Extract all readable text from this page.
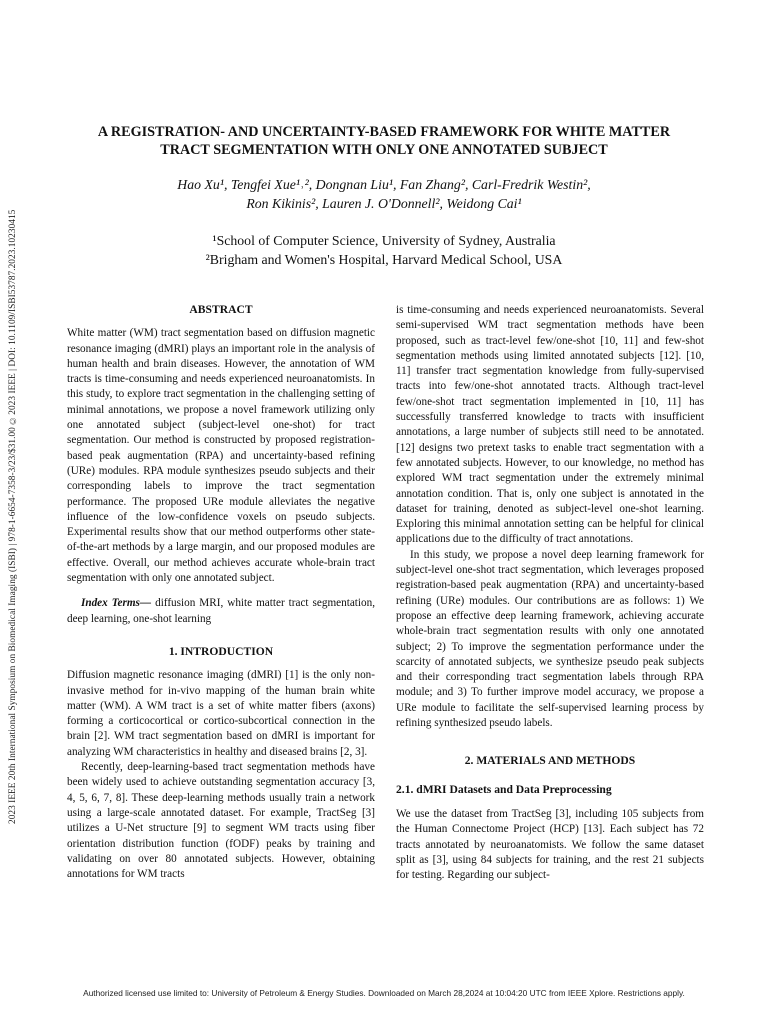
2023 IEEE 20th International Symposium on Biomedical Imaging (ISBI) | 978-1-6654-7358-3/23/$31.00 ©2023 IEEE | DOI: 10.1109/ISBI53787.2023.10230415
A REGISTRATION- AND UNCERTAINTY-BASED FRAMEWORK FOR WHITE MATTER
TRACT SEGMENTATION WITH ONLY ONE ANNOTATED SUBJECT
Hao Xu¹, Tengfei Xue¹˒², Dongnan Liu¹, Fan Zhang², Carl-Fredrik Westin²,
Ron Kikinis², Lauren J. O'Donnell², Weidong Cai¹
¹School of Computer Science, University of Sydney, Australia
²Brigham and Women's Hospital, Harvard Medical School, USA
ABSTRACT

White matter (WM) tract segmentation based on diffusion magnetic resonance imaging (dMRI) plays an important role in the analysis of human health and brain diseases. However, the annotation of WM tracts is time-consuming and needs experienced neuroanatomists. In this study, to explore tract segmentation in the challenging setting of minimal annotations, we propose a novel framework utilizing only one annotated subject (subject-level one-shot) for tract segmentation. Our method is constructed by proposed registration-based peak augmentation (RPA) and uncertainty-based refining (URe) modules. RPA module synthesizes pseudo subjects and their corresponding labels to improve the tract segmentation performance. The proposed URe module alleviates the negative influence of the low-confidence voxels on pseudo subjects. Experimental results show that our method outperforms other state-of-the-art methods by a large margin, and our proposed modules are effective. Overall, our method achieves accurate whole-brain tract segmentation with only one annotated subject.

Index Terms— diffusion MRI, white matter tract segmentation, deep learning, one-shot learning

1. INTRODUCTION

Diffusion magnetic resonance imaging (dMRI) [1] is the only non-invasive method for in-vivo mapping of the human brain white matter (WM). A WM tract is a set of white matter fibers (axons) forming a corticocortical or cortico-subcortical connection in the brain [2]. WM tract segmentation based on dMRI is important for analyzing WM characteristics in healthy and diseased brains [2, 3].

Recently, deep-learning-based tract segmentation methods have been widely used to achieve outstanding segmentation accuracy [3, 4, 5, 6, 7, 8]. These deep-learning methods usually train a network using a large-scale annotated dataset. For example, TractSeg [3] utilizes a U-Net structure [9] to segment WM tracts using fiber orientation distribution function (fODF) peaks by training and validating on over 80 annotated subjects. However, obtaining annotations for WM tracts

is time-consuming and needs experienced neuroanatomists. Several semi-supervised WM tract segmentation methods have been proposed, such as tract-level few/one-shot [10, 11] and few-shot segmentation methods using limited annotated subjects [12]. [10, 11] transfer tract segmentation knowledge from fully-supervised tracts into few/one-shot annotated tracts. Although tract-level few/one-shot tract segmentation implemented in [10, 11] has successfully transferred knowledge to tracts with insufficient annotations, a large number of subjects still need to be annotated. [12] designs two pretext tasks to enable tract segmentation with a few annotated subjects. However, to our knowledge, no method has explored WM tract segmentation under the extremely minimal annotation condition. That is, only one subject is annotated in the dataset for training, denoted as subject-level one-shot learning. Exploring this minimal annotation setting can be helpful for clinical applications due to the difficulty of tract annotations.

In this study, we propose a novel deep learning framework for subject-level one-shot tract segmentation, which leverages proposed registration-based peak augmentation (RPA) and uncertainty-based refining (URe) modules. Our contributions are as follows: 1) We propose an effective deep learning framework, achieving accurate whole-brain tract segmentation results with only one annotated subject; 2) To improve the segmentation performance under the scarcity of annotated subjects, we synthesize pseudo peak subjects and their corresponding tract segmentation labels through RPA module; and 3) To further improve model accuracy, we propose a URe module to facilitate the self-supervised learning process by refining synthesized pseudo labels.

2. MATERIALS AND METHODS
2.1. dMRI Datasets and Data Preprocessing

We use the dataset from TractSeg [3], including 105 subjects from the Human Connectome Project (HCP) [13]. Each subject has 72 tracts annotated by neuroanatomists. We follow the same dataset split as [3], using 84 subjects for training, and the rest 21 subjects for testing. Regarding our subject-

Authorized licensed use limited to: University of Petroleum & Energy Studies. Downloaded on March 28,2024 at 10:04:20 UTC from IEEE Xplore. Restrictions apply.
